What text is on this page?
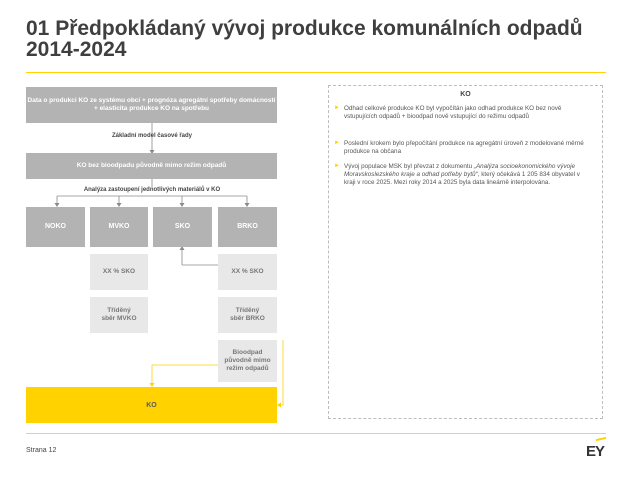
01 Předpokládaný vývoj produkce komunálních odpadů 2014-2024
Data o produkci KO ze systému obcí + prognóza agregátní spotřeby domácností + elasticita produkce KO na spotřebu
Základní model časové řady
KO bez bioodpadu původně mimo režim odpadů
Analýza zastoupení jednotlivých materiálů v KO
NOKO	MVKO	SKO	BRKO
XX % SKO	XX % SKO
Tříděný sběr MVKO
Tříděný sběr BRKO
Bioodpad původně mimo režim odpadů
KO
KO
► Odhad celkové produkce KO byl vypočítán jako odhad produkce KO bez nově vstupujících odpadů + bioodpad nově vstupující do režimu odpadů
► Poslední krokem bylo přepočítání produkce na agregátní úroveň z modelované měrné produkce na občana
► Vývoj populace MSK byl převzat z dokumentu „Analýza socioekonomického vývoje Moravskoslezského kraje a odhad potřeby bytů“, který očekává 1 205 834 obyvatel v kraji v roce 2025. Mezi roky 2014 a 2025 byla data lineárně interpolována.
Strana 12	EY
